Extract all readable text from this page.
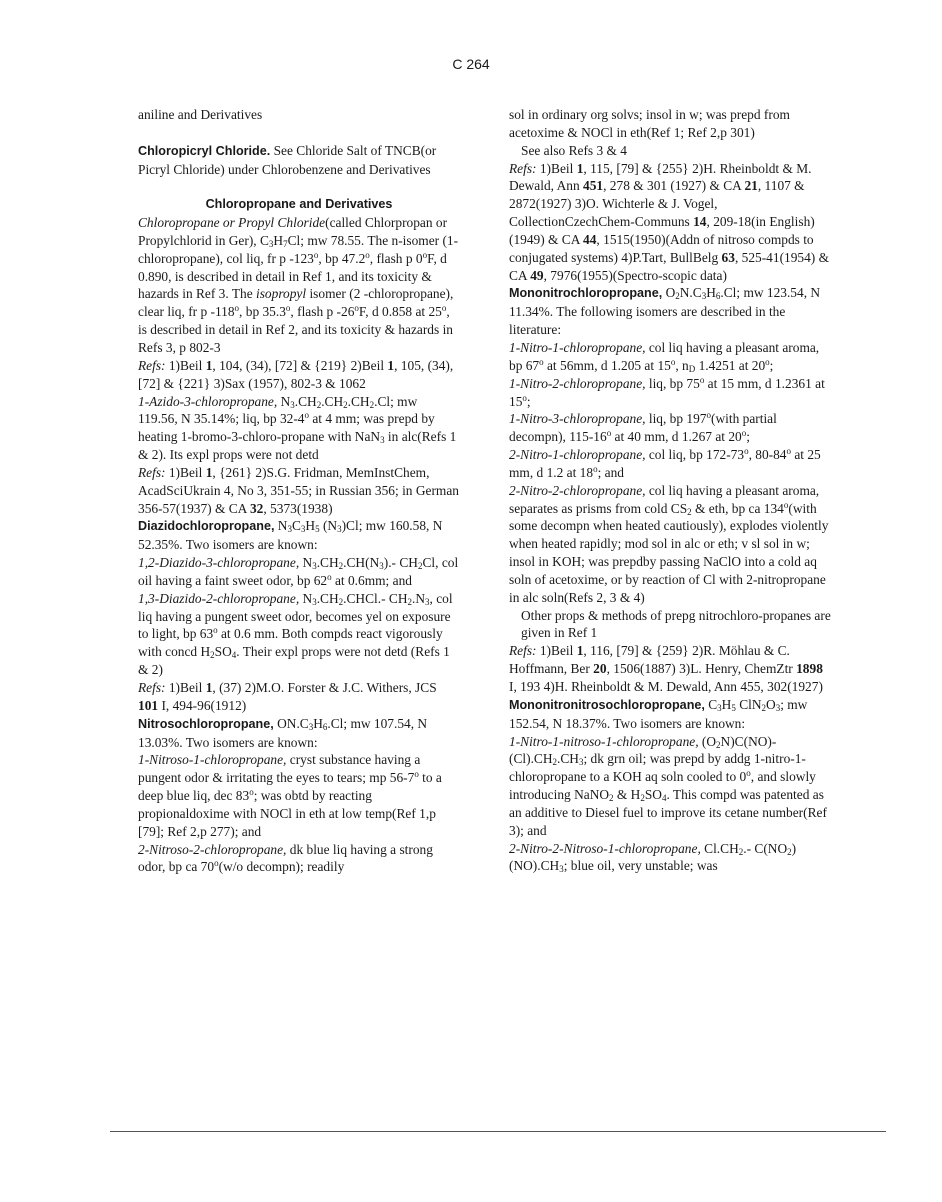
C 264

aniline and Derivatives

Chloropicryl Chloride. See Chloride Salt of TNCB(or Picryl Chloride) under Chlorobenzene and Derivatives

Chloropropane and Derivatives

Chloropropane or Propyl Chloride(called Chlorpropan or Propylchlorid in Ger), $C_3H_7Cl$; mw 78.55. The n-isomer (1-chloropropane), col liq, fr p -123$^o$, bp 47.2$^o$, flash p 0$^o$F, d 0.890, is described in detail in Ref 1, and its toxicity & hazards in Ref 3. The isopropyl isomer (2 -chloropropane), clear liq, fr p -118$^o$, bp 35.3$^o$, flash p -26$^o$F, d 0.858 at 25$^o$, is described in detail in Ref 2, and its toxicity & hazards in Refs 3, p 802-3

Refs: 1)Beil 1, 104, (34), [72] & {219} 2)Beil 1, 105, (34), [72] & {221} 3)Sax (1957), 802-3 & 1062

1-Azido-3-chloropropane, $N_3.CH_2.CH_2.CH_2.Cl$; mw 119.56, N 35.14%; liq, bp 32-4$^o$ at 4 mm; was prepd by heating 1-bromo-3-chloro-propane with NaN$_3$ in alc(Refs 1 & 2). Its expl props were not detd

Refs: 1)Beil 1, {261} 2)S.G. Fridman, MemInstChem, AcadSciUkrain 4, No 3, 351-55; in Russian 356; in German 356-57(1937) & CA 32, 5373(1938)

Diazidochloropropane, $N_3C_3H_5$ $(N_3)Cl$; mw 160.58, N 52.35%. Two isomers are known:

1,2-Diazido-3-chloropropane, $N_3.CH_2.CH(N_3).-$ $CH_2Cl$, col oil having a faint sweet odor, bp 62$^o$ at 0.6mm; and

1,3-Diazido-2-chloropropane, $N_3.CH_2.CHCl.-$ $CH_2.N_3$, col liq having a pungent sweet odor, becomes yel on exposure to light, bp 63$^o$ at 0.6 mm. Both compds react vigorously with concd $H_2SO_4$. Their expl props were not detd (Refs 1 & 2)

Refs: 1)Beil 1, (37) 2)M.O. Forster & J.C. Withers, JCS 101 I, 494-96(1912)

Nitrosochloropropane, $ON.C_3H_6.Cl$; mw 107.54, N 13.03%. Two isomers are known:

1-Nitroso-1-chloropropane, cryst substance having a pungent odor & irritating the eyes to tears; mp 56-7$^o$ to a deep blue liq, dec 83$^o$; was obtd by reacting propionaldoxime with NOCl in eth at low temp(Ref 1,p [79]; Ref 2,p 277); and

2-Nitroso-2-chloropropane, dk blue liq having a strong odor, bp ca 70$^o$(w/o decompn); readily

sol in ordinary org solvs; insol in w; was prepd from acetoxime & NOCl in eth(Ref 1; Ref 2,p 301)

See also Refs 3 & 4

Refs: 1)Beil 1, 115, [79] & {255} 2)H. Rheinboldt & M. Dewald, Ann 451, 278 & 301 (1927) & CA 21, 1107 & 2872(1927) 3)O. Wichterle & J. Vogel, CollectionCzechChem-Communs 14, 209-18(in English)(1949) & CA 44, 1515(1950)(Addn of nitroso compds to conjugated systems) 4)P.Tart, BullBelg 63, 525-41(1954) & CA 49, 7976(1955)(Spectro-scopic data)

Mononitrochloropropane, $O_2N.C_3H_6.Cl$; mw 123.54, N 11.34%. The following isomers are described in the literature:

1-Nitro-1-chloropropane, col liq having a pleasant aroma, bp 67$^o$ at 56mm, d 1.205 at 15$^o$, $n_D$ 1.4251 at 20$^o$;

1-Nitro-2-chloropropane, liq, bp 75$^o$ at 15 mm, d 1.2361 at 15$^o$;

1-Nitro-3-chloropropane, liq, bp 197$^o$(with partial decompn), 115-16$^o$ at 40 mm, d 1.267 at 20$^o$;

2-Nitro-1-chloropropane, col liq, bp 172-73$^o$, 80-84$^o$ at 25 mm, d 1.2 at 18$^o$; and

2-Nitro-2-chloropropane, col liq having a pleasant aroma, separates as prisms from cold $CS_2$ & eth, bp ca 134$^o$(with some decompn when heated cautiously), explodes violently when heated rapidly; mod sol in alc or eth; v sl sol in w; insol in KOH; was prepdby passing NaClO into a cold aq soln of acetoxime, or by reaction of Cl with 2-nitropropane in alc soln(Refs 2, 3 & 4)

Other props & methods of prepg nitrochloro-propanes are given in Ref 1

Refs: 1)Beil 1, 116, [79] & {259} 2)R. Möhlau & C. Hoffmann, Ber 20, 1506(1887) 3)L. Henry, ChemZtr 1898 I, 193 4)H. Rheinboldt & M. Dewald, Ann 455, 302(1927)

Mononitronitrosochloropropane, $C_3H_5$ $ClN_2O_3$; mw 152.54, N 18.37%. Two isomers are known:

1-Nitro-1-nitroso-1-chloropropane, $(O_2N)C(NO)-(Cl).CH_2.CH_3$; dk grn oil; was prepd by addg 1-nitro-1-chloropropane to a KOH aq soln cooled to 0$^o$, and slowly introducing NaNO$_2$ & $H_2SO_4$. This compd was patented as an additive to Diesel fuel to improve its cetane number(Ref 3); and

2-Nitro-2-Nitroso-1-chloropropane, $Cl.CH_2.-$ $C(NO_2)(NO).CH_3$; blue oil, very unstable; was
